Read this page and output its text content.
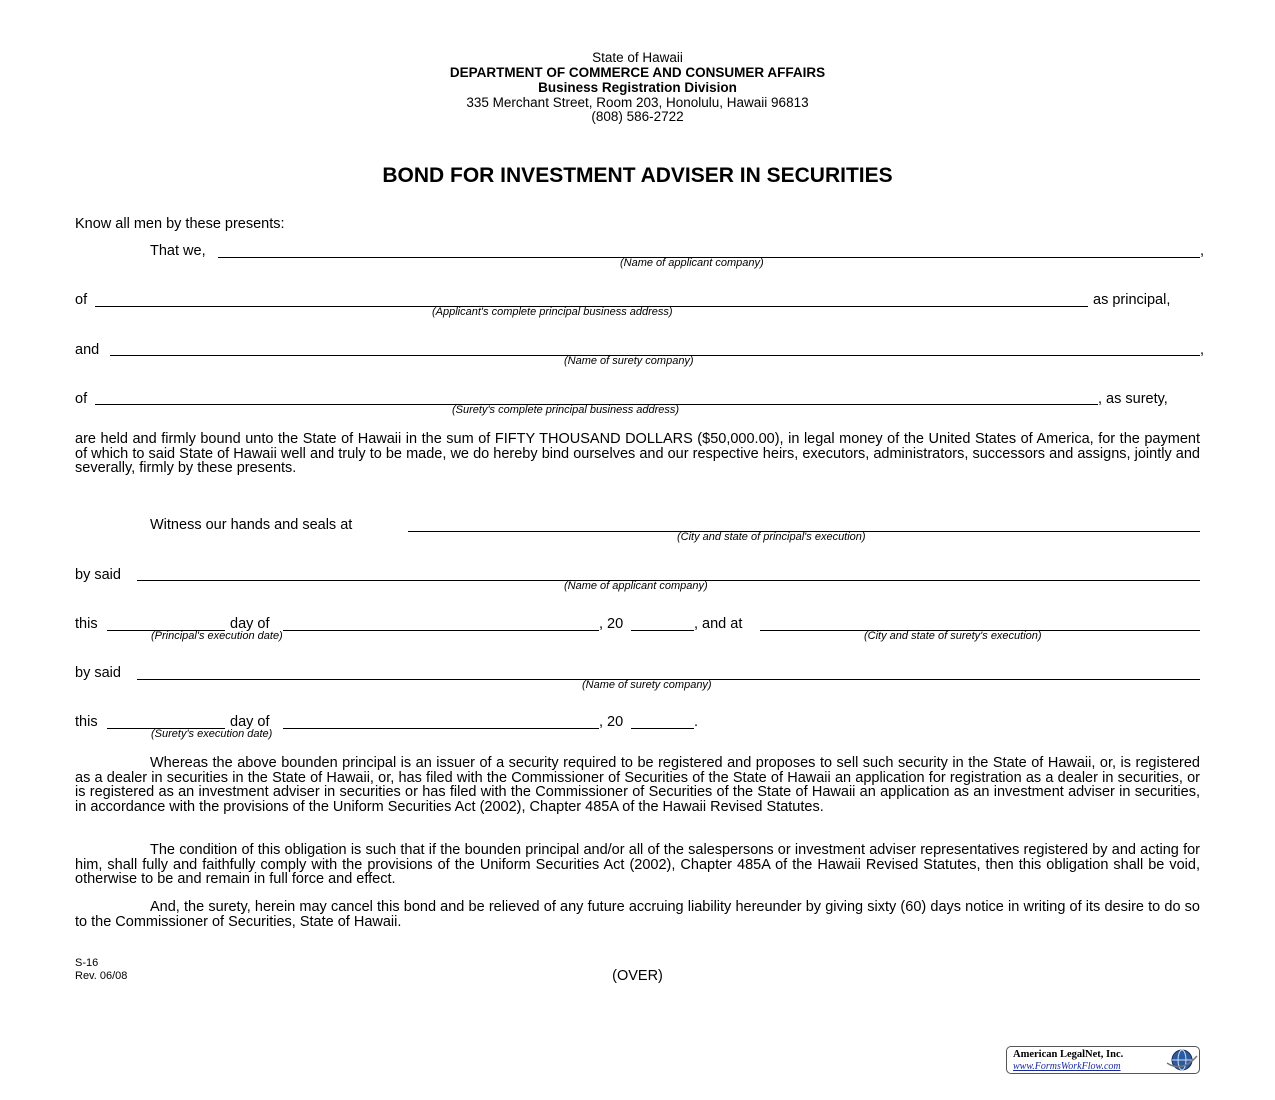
State of Hawaii
DEPARTMENT OF COMMERCE AND CONSUMER AFFAIRS
Business Registration Division
335 Merchant Street, Room 203, Honolulu, Hawaii 96813
(808) 586-2722
BOND FOR INVESTMENT ADVISER IN SECURITIES
Know all men by these presents:
That we,	,
(Name of applicant company)
of	as principal,
(Applicant's complete principal business address)
and	,
(Name of surety company)
of	, as surety,
(Surety's complete principal business address)
are held and firmly bound unto the State of Hawaii in the sum of FIFTY THOUSAND DOLLARS ($50,000.00), in legal money of the United States of America, for the payment of which to said State of Hawaii well and truly to be made, we do hereby bind ourselves and our respective heirs, executors, administrators, successors and assigns, jointly and severally, firmly by these presents.
Witness our hands and seals at
(City and state of principal's execution)
by said
(Name of applicant company)
this	day of	, 20	, and at
(Principal's execution date)	(City and state of surety's execution)
by said
(Name of surety company)
this	day of	, 20	.
(Surety's execution date)
Whereas the above bounden principal is an issuer of a security required to be registered and proposes to sell such security in the State of Hawaii, or, is registered as a dealer in securities in the State of Hawaii, or, has filed with the Commissioner of Securities of the State of Hawaii an application for registration as a dealer in securities, or is registered as an investment adviser in securities or has filed with the Commissioner of Securities of the State of Hawaii an application as an investment adviser in securities, in accordance with the provisions of the Uniform Securities Act (2002), Chapter 485A of the Hawaii Revised Statutes.
The condition of this obligation is such that if the bounden principal and/or all of the salespersons or investment adviser representatives registered by and acting for him, shall fully and faithfully comply with the provisions of the Uniform Securities Act (2002), Chapter 485A of the Hawaii Revised Statutes, then this obligation shall be void, otherwise to be and remain in full force and effect.
And, the surety, herein may cancel this bond and be relieved of any future accruing liability hereunder by giving sixty (60) days notice in writing of its desire to do so to the Commissioner of Securities, State of Hawaii.
S-16
Rev. 06/08	(OVER)
American LegalNet, Inc.
www.FormsWorkFlow.com
